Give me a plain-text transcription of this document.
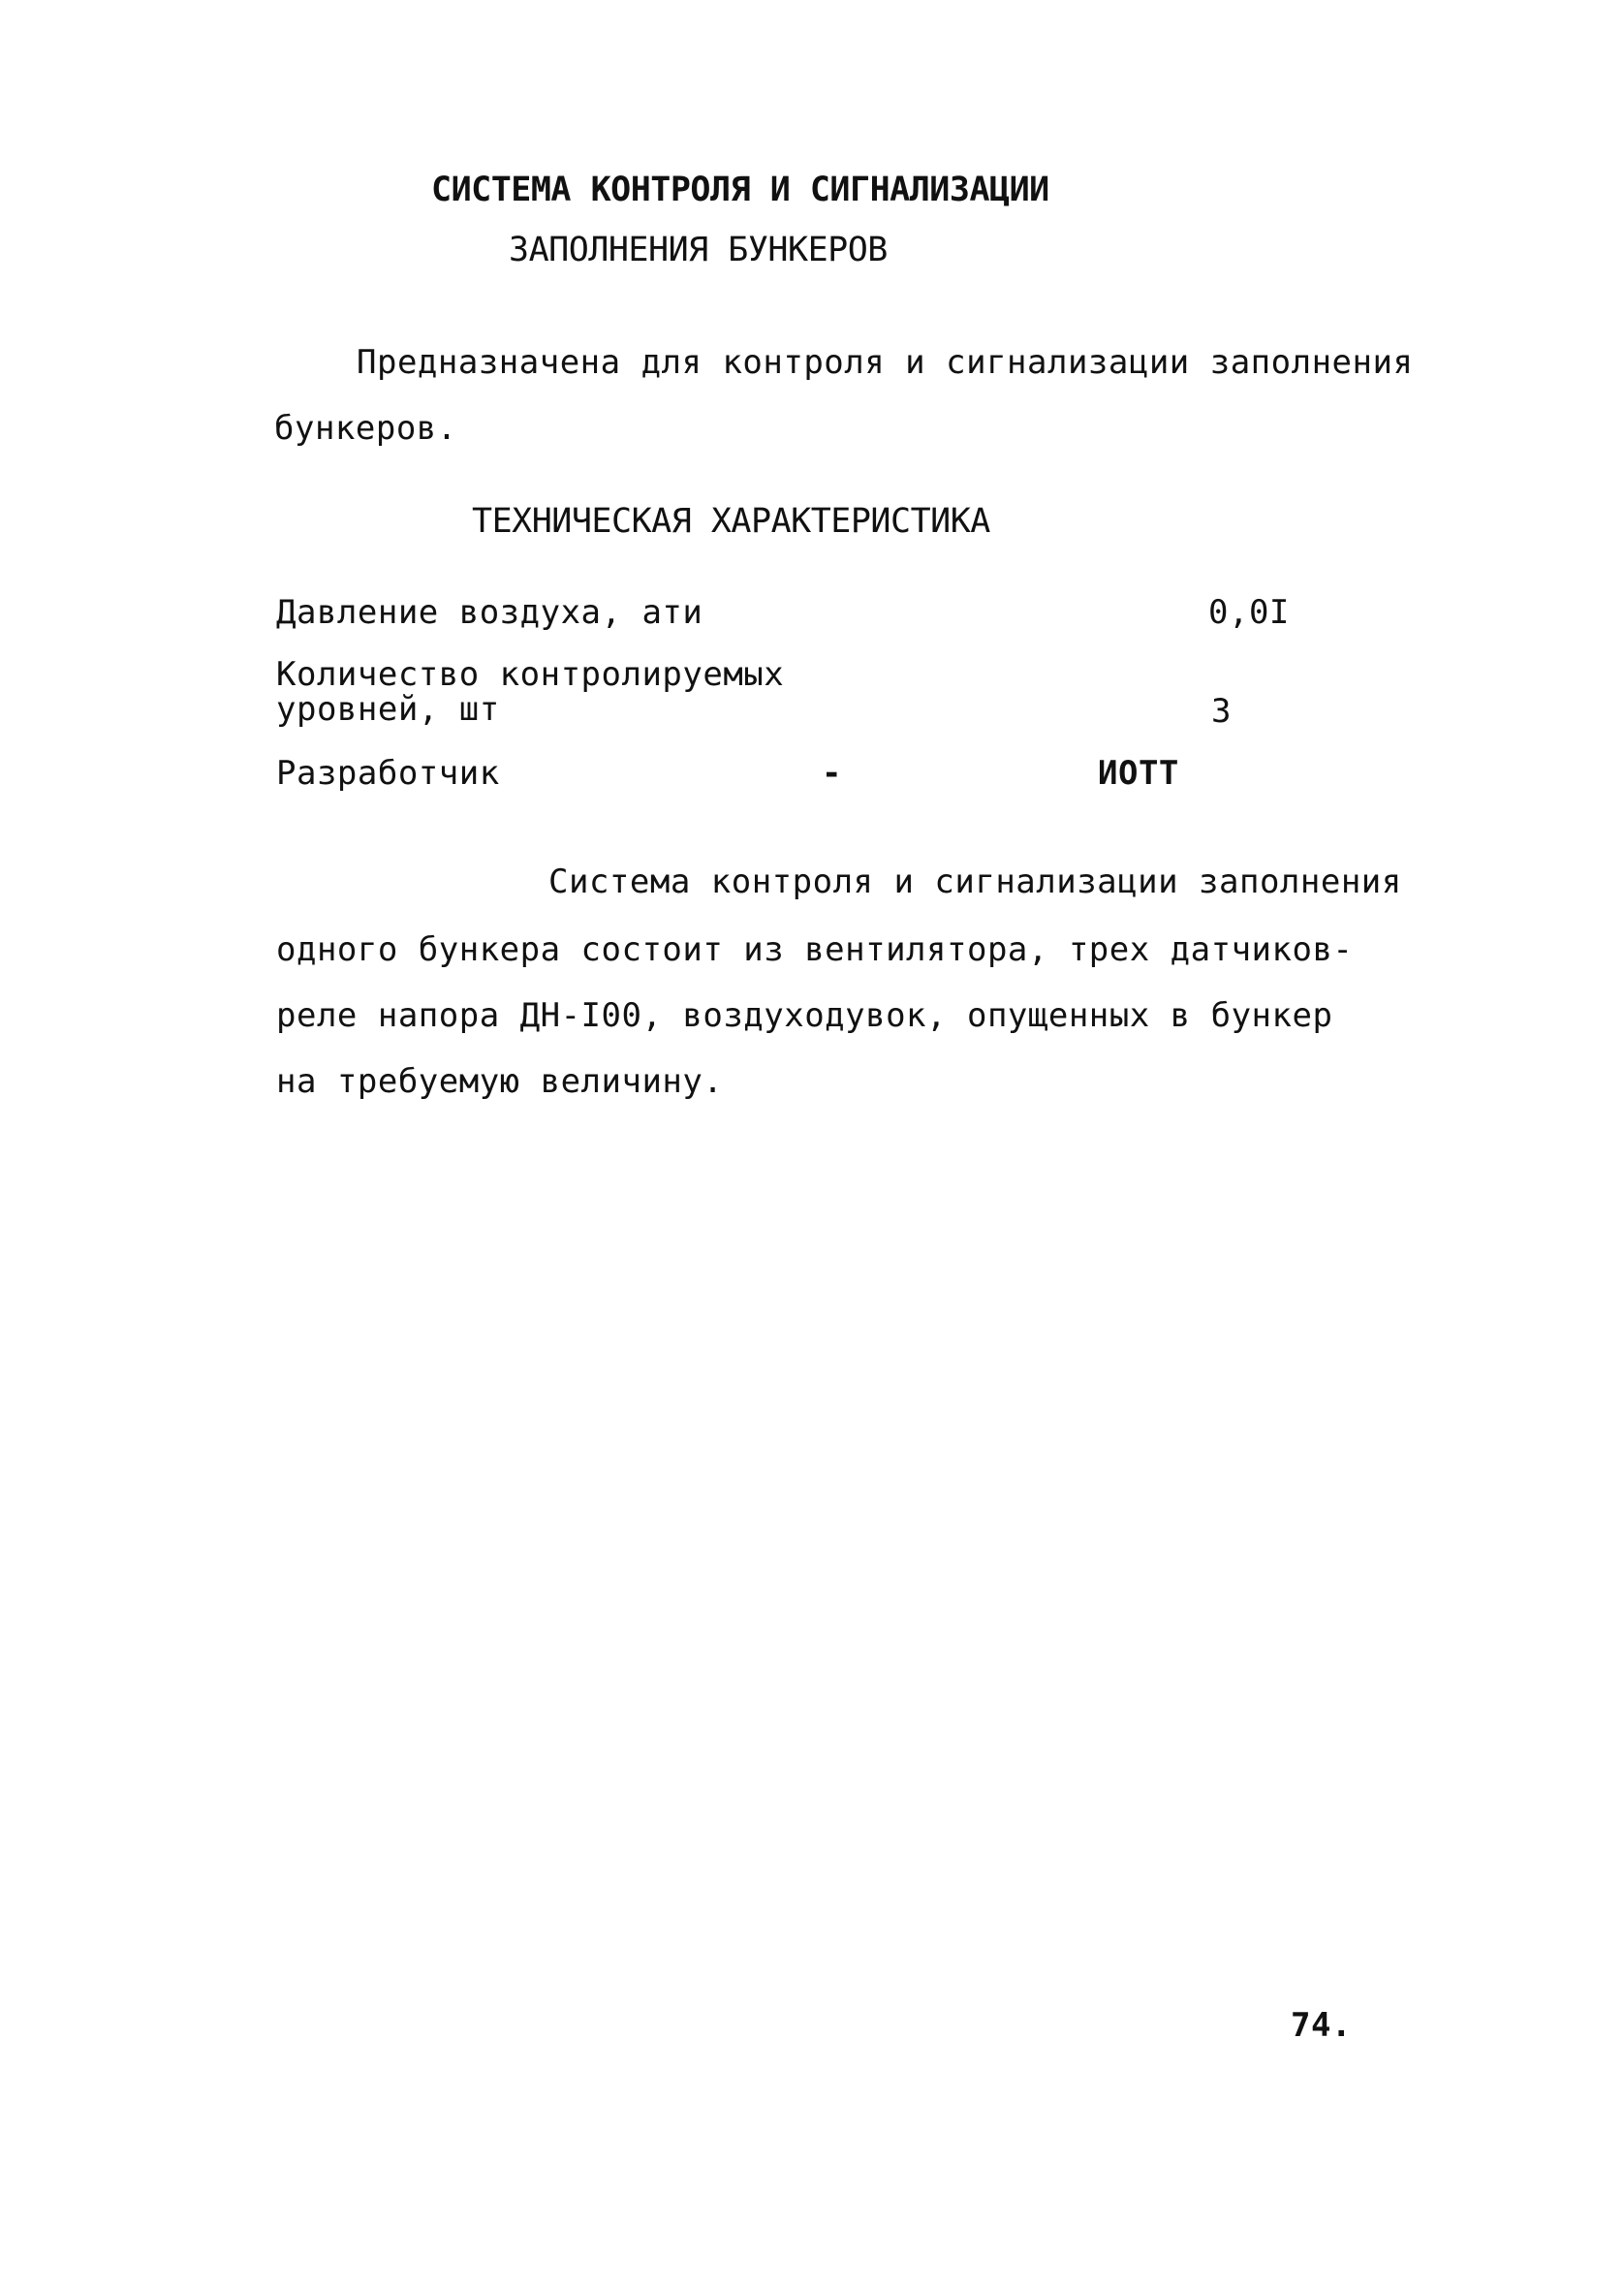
СИСТЕМА КОНТРОЛЯ И СИГНАЛИЗАЦИИ
ЗАПОЛНЕНИЯ БУНКЕРОВ
Предназначена для контроля и сигнализации заполнения
бункеров.
ТЕХНИЧЕСКАЯ ХАРАКТЕРИСТИКА
Давление воздуха, ати	0,0I
Количество контролируемых
уровней, шт	3
Разработчик	-	ИОТТ
Система контроля и сигнализации заполнения
одного бункера состоит из вентилятора, трех датчиков-
реле напора ДН-I00, воздуходувок, опущенных в бункер
на требуемую величину.
74.
